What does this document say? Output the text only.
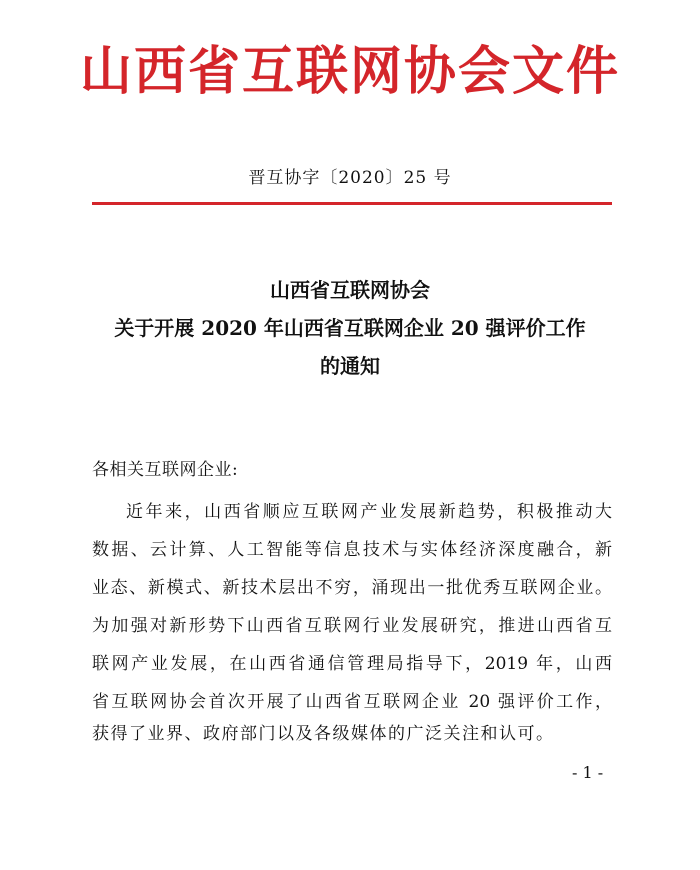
山西省互联网协会文件
晋互协字〔2020〕25 号
山西省互联网协会
关于开展 2020 年山西省互联网企业 20 强评价工作
的通知
各相关互联网企业:
近年来，山西省顺应互联网产业发展新趋势，积极推动大
数据、云计算、人工智能等信息技术与实体经济深度融合，新
业态、新模式、新技术层出不穷，涌现出一批优秀互联网企业。
为加强对新形势下山西省互联网行业发展研究，推进山西省互
联网产业发展，在山西省通信管理局指导下，2019 年，山西
省互联网协会首次开展了山西省互联网企业 20 强评价工作，
获得了业界、政府部门以及各级媒体的广泛关注和认可。
- 1 -
